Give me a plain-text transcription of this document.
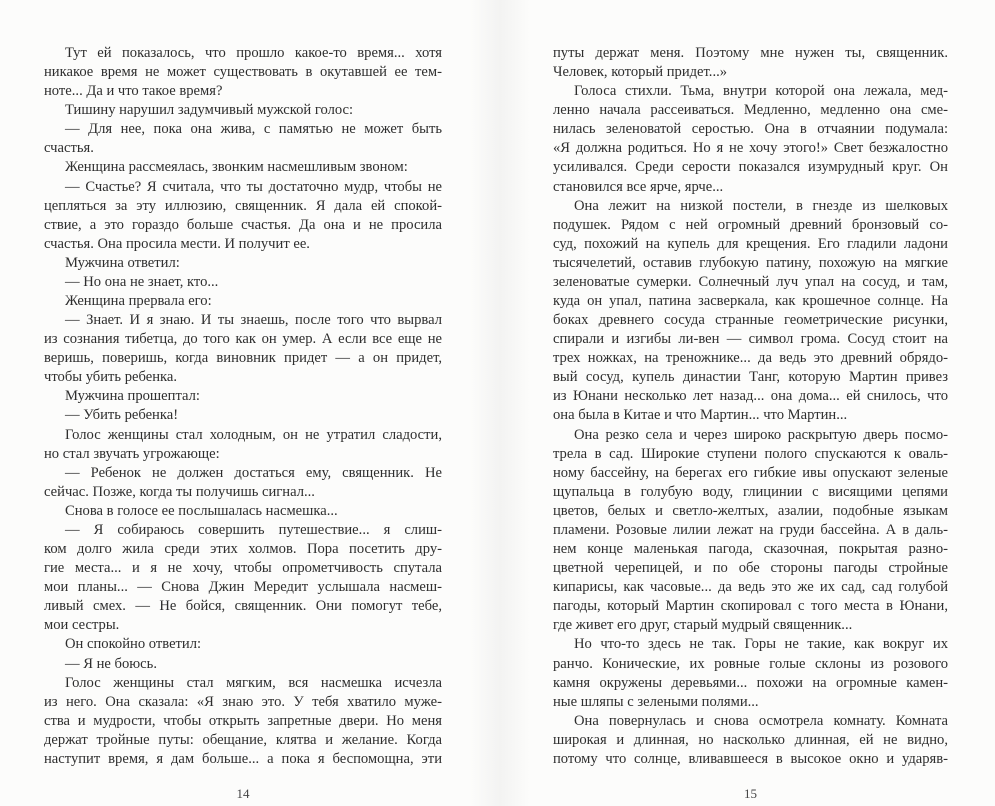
Тут ей показалось, что прошло какое-то время... хотя
никакое время не может существовать в окутавшей ее тем-
ноте... Да и что такое время?
Тишину нарушил задумчивый мужской голос:
— Для нее, пока она жива, с памятью не может быть
счастья.
Женщина рассмеялась, звонким насмешливым звоном:
— Счастье? Я считала, что ты достаточно мудр, чтобы не
цепляться за эту иллюзию, священник. Я дала ей спокой-
ствие, а это гораздо больше счастья. Да она и не просила
счастья. Она просила мести. И получит ее.
Мужчина ответил:
— Но она не знает, кто...
Женщина прервала его:
— Знает. И я знаю. И ты знаешь, после того что вырвал
из сознания тибетца, до того как он умер. А если все еще не
веришь, поверишь, когда виновник придет — а он придет,
чтобы убить ребенка.
Мужчина прошептал:
— Убить ребенка!
Голос женщины стал холодным, он не утратил сладости,
но стал звучать угрожающе:
— Ребенок не должен достаться ему, священник. Не
сейчас. Позже, когда ты получишь сигнал...
Снова в голосе ее послышалась насмешка...
— Я собираюсь совершить путешествие... я слиш-
ком долго жила среди этих холмов. Пора посетить дру-
гие места... и я не хочу, чтобы опрометчивость спутала
мои планы... — Снова Джин Мередит услышала насмеш-
ливый смех. — Не бойся, священник. Они помогут тебе,
мои сестры.
Он спокойно ответил:
— Я не боюсь.
Голос женщины стал мягким, вся насмешка исчезла
из него. Она сказала: «Я знаю это. У тебя хватило муже-
ства и мудрости, чтобы открыть запретные двери. Но меня
держат тройные путы: обещание, клятва и желание. Когда
наступит время, я дам больше... а пока я беспомощна, эти
14
путы держат меня. Поэтому мне нужен ты, священник.
Человек, который придет...»
Голоса стихли. Тьма, внутри которой она лежала, мед-
ленно начала рассеиваться. Медленно, медленно она сме-
нилась зеленоватой серостью. Она в отчаянии подумала:
«Я должна родиться. Но я не хочу этого!» Свет безжалостно
усиливался. Среди серости показался изумрудный круг. Он
становился все ярче, ярче...
Она лежит на низкой постели, в гнезде из шелковых
подушек. Рядом с ней огромный древний бронзовый со-
суд, похожий на купель для крещения. Его гладили ладони
тысячелетий, оставив глубокую патину, похожую на мягкие
зеленоватые сумерки. Солнечный луч упал на сосуд, и там,
куда он упал, патина засверкала, как крошечное солнце. На
боках древнего сосуда странные геометрические рисунки,
спирали и изгибы ли-вен — символ грома. Сосуд стоит на
трех ножках, на треножнике... да ведь это древний обрядо-
вый сосуд, купель династии Танг, которую Мартин привез
из Юнани несколько лет назад... она дома... ей снилось, что
она была в Китае и что Мартин... что Мартин...
Она резко села и через широко раскрытую дверь посмо-
трела в сад. Широкие ступени полого спускаются к оваль-
ному бассейну, на берегах его гибкие ивы опускают зеленые
щупальца в голубую воду, глицинии с висящими цепями
цветов, белых и светло-желтых, азалии, подобные языкам
пламени. Розовые лилии лежат на груди бассейна. А в даль-
нем конце маленькая пагода, сказочная, покрытая разно-
цветной черепицей, и по обе стороны пагоды стройные
кипарисы, как часовые... да ведь это же их сад, сад голубой
пагоды, который Мартин скопировал с того места в Юнани,
где живет его друг, старый мудрый священник...
Но что-то здесь не так. Горы не такие, как вокруг их
ранчо. Конические, их ровные голые склоны из розового
камня окружены деревьями... похожи на огромные камен-
ные шляпы с зелеными полями...
Она повернулась и снова осмотрела комнату. Комната
широкая и длинная, но насколько длинная, ей не видно,
потому что солнце, вливавшееся в высокое окно и ударяв-
15
